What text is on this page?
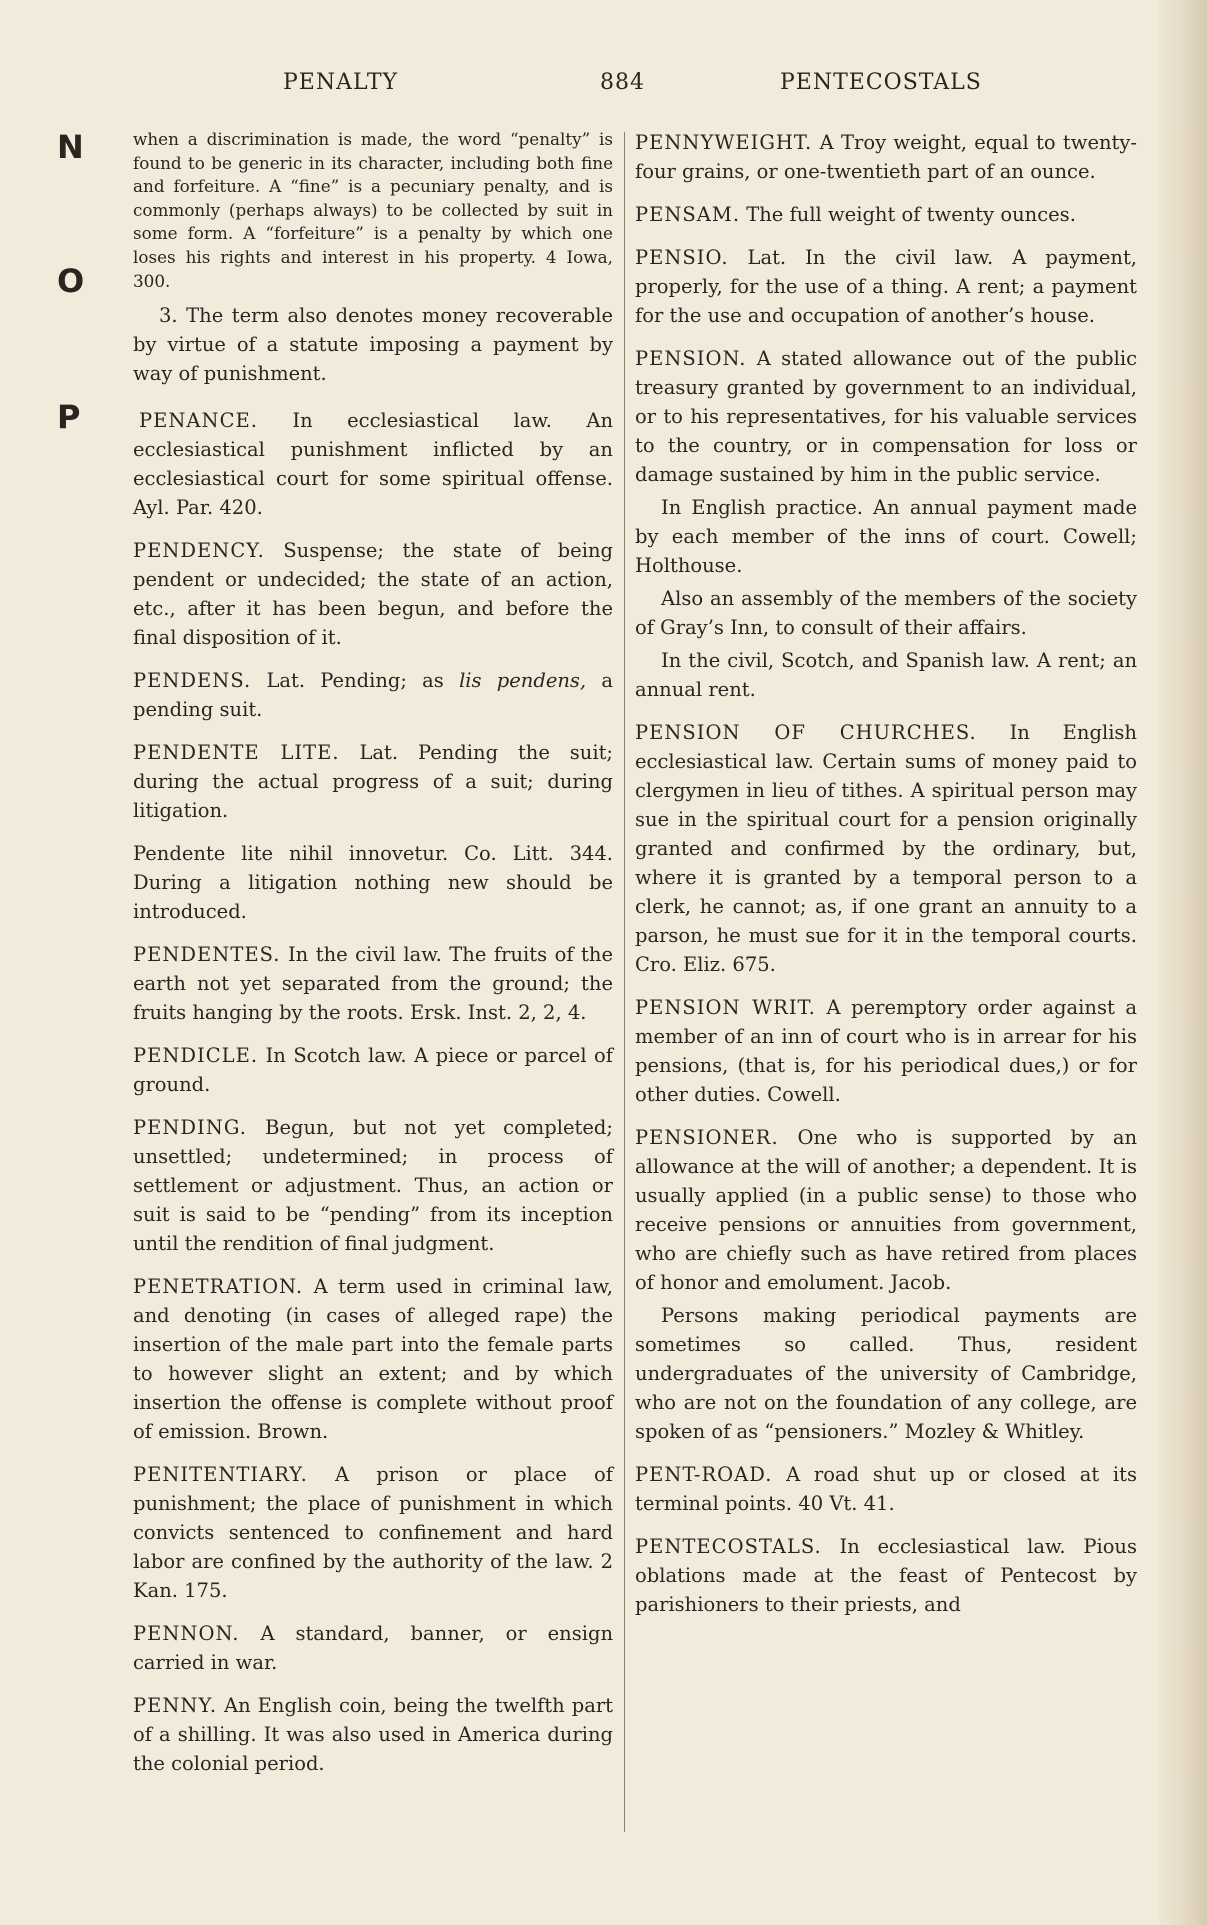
PENALTY	884	PENTECOSTALS
N
O
P

when a discrimination is made, the word “penalty” is found to be generic in its character, including both fine and forfeiture. A “fine” is a pecuniary penalty, and is commonly (perhaps always) to be collected by suit in some form. A “forfeiture” is a penalty by which one loses his rights and interest in his property. 4 Iowa, 300.

3. The term also denotes money recoverable by virtue of a statute imposing a payment by way of punishment.

PENANCE. In ecclesiastical law. An ecclesiastical punishment inflicted by an ecclesiastical court for some spiritual offense. Ayl. Par. 420.

PENDENCY. Suspense; the state of being pendent or undecided; the state of an action, etc., after it has been begun, and before the final disposition of it.

PENDENS. Lat. Pending; as lis pendens, a pending suit.

PENDENTE LITE. Lat. Pending the suit; during the actual progress of a suit; during litigation.

Pendente lite nihil innovetur. Co. Litt. 344. During a litigation nothing new should be introduced.

PENDENTES. In the civil law. The fruits of the earth not yet separated from the ground; the fruits hanging by the roots. Ersk. Inst. 2, 2, 4.

PENDICLE. In Scotch law. A piece or parcel of ground.

PENDING. Begun, but not yet completed; unsettled; undetermined; in process of settlement or adjustment. Thus, an action or suit is said to be “pending” from its inception until the rendition of final judgment.

PENETRATION. A term used in criminal law, and denoting (in cases of alleged rape) the insertion of the male part into the female parts to however slight an extent; and by which insertion the offense is complete without proof of emission. Brown.

PENITENTIARY. A prison or place of punishment; the place of punishment in which convicts sentenced to confinement and hard labor are confined by the authority of the law. 2 Kan. 175.

PENNON. A standard, banner, or ensign carried in war.

PENNY. An English coin, being the twelfth part of a shilling. It was also used in America during the colonial period.

PENNYWEIGHT. A Troy weight, equal to twenty-four grains, or one-twentieth part of an ounce.

PENSAM. The full weight of twenty ounces.

PENSIO. Lat. In the civil law. A payment, properly, for the use of a thing. A rent; a payment for the use and occupation of another’s house.

PENSION. A stated allowance out of the public treasury granted by government to an individual, or to his representatives, for his valuable services to the country, or in compensation for loss or damage sustained by him in the public service.

In English practice. An annual payment made by each member of the inns of court. Cowell; Holthouse.

Also an assembly of the members of the society of Gray’s Inn, to consult of their affairs.

In the civil, Scotch, and Spanish law. A rent; an annual rent.

PENSION OF CHURCHES. In English ecclesiastical law. Certain sums of money paid to clergymen in lieu of tithes. A spiritual person may sue in the spiritual court for a pension originally granted and confirmed by the ordinary, but, where it is granted by a temporal person to a clerk, he cannot; as, if one grant an annuity to a parson, he must sue for it in the temporal courts. Cro. Eliz. 675.

PENSION WRIT. A peremptory order against a member of an inn of court who is in arrear for his pensions, (that is, for his periodical dues,) or for other duties. Cowell.

PENSIONER. One who is supported by an allowance at the will of another; a dependent. It is usually applied (in a public sense) to those who receive pensions or annuities from government, who are chiefly such as have retired from places of honor and emolument. Jacob.

Persons making periodical payments are sometimes so called. Thus, resident undergraduates of the university of Cambridge, who are not on the foundation of any college, are spoken of as “pensioners.” Mozley & Whitley.

PENT-ROAD. A road shut up or closed at its terminal points. 40 Vt. 41.

PENTECOSTALS. In ecclesiastical law. Pious oblations made at the feast of Pentecost by parishioners to their priests, and
